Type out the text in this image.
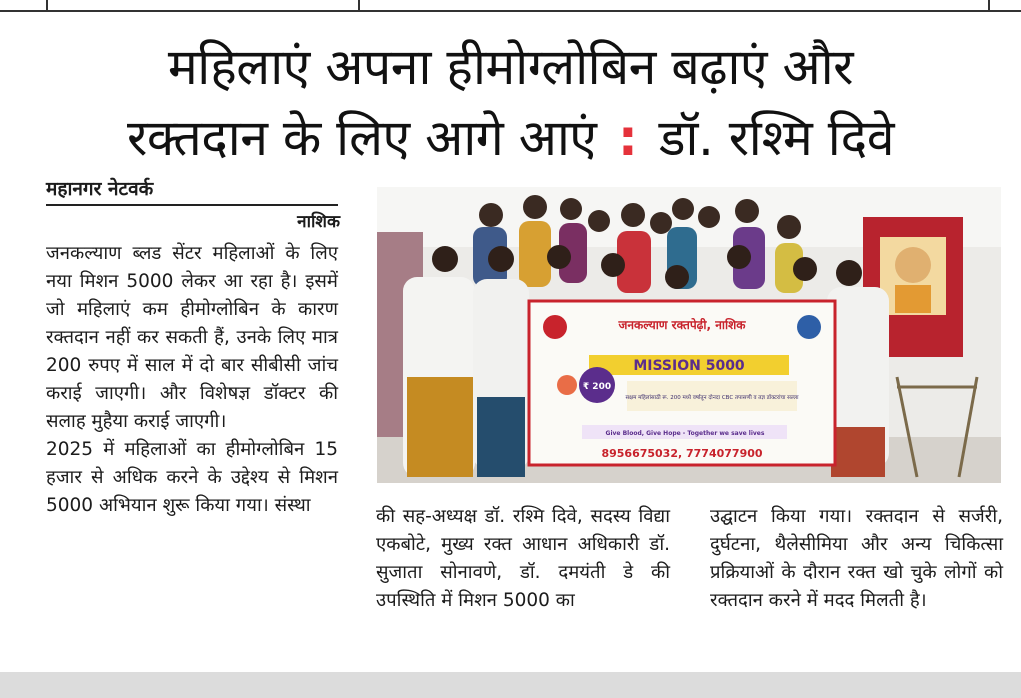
महिलाएं अपना हीमोग्लोबिन बढ़ाएं और
रक्तदान के लिए आगे आएं : डॉ. रश्मि दिवे
महानगर नेटवर्क
नाशिक

जनकल्याण ब्लड सेंटर महिलाओं के लिए नया मिशन 5000 लेकर आ रहा है। इसमें जो महिलाएं कम हीमोग्लोबिन के कारण रक्तदान नहीं कर सकती हैं, उनके लिए मात्र 200 रुपए में साल में दो बार सीबीसी जांच कराई जाएगी। और विशेषज्ञ डॉक्टर की सलाह मुहैया कराई जाएगी।

2025 में महिलाओं का हीमोग्लोबिन 15 हजार से अधिक करने के उद्देश्य से मिशन 5000 अभियान शुरू किया गया। संस्था

जनकल्याण रक्तपेढ़ी, नाशिक
MISSION 5000
₹ 200
सक्षम महिलांसाठी रू. 200 मध्ये वर्षातून दोनदा CBC तपासणी व तज्ञ डॉक्टरांचा सल्ला
Give Blood, Give Hope - Together we save lives
8956675032, 7774077900

की सह-अध्यक्ष डॉ. रश्मि दिवे, सदस्य विद्या एकबोटे, मुख्य रक्त आधान अधिकारी डॉ. सुजाता सोनावणे, डॉ. दमयंती डे की उपस्थिति में मिशन 5000 का

उद्घाटन किया गया। रक्तदान से सर्जरी, दुर्घटना, थैलेसीमिया और अन्य चिकित्सा प्रक्रियाओं के दौरान रक्त खो चुके लोगों को रक्तदान करने में मदद मिलती है।
